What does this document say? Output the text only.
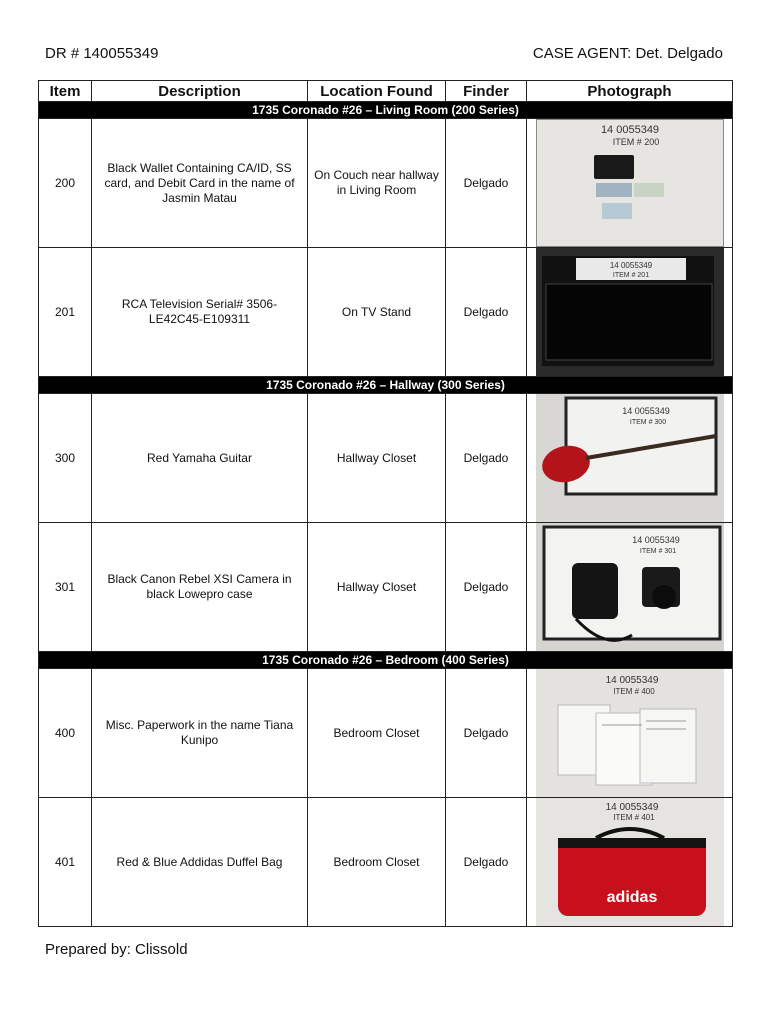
DR # 140055349	CASE AGENT: Det. Delgado
Item	Description	Location Found	Finder	Photograph
1735 Coronado #26 – Living Room (200 Series)				
200	Black Wallet Containing CA/ID, SS card, and Debit Card in the name of Jasmin Matau	On Couch near hallway in Living Room	Delgado	14 0055349
ITEM # 200

201	RCA Television Serial# 3506-LE42C45-E109311	On TV Stand	Delgado	14 0055349
ITEM # 201

1735 Coronado #26 – Hallway (300 Series)				
300	Red Yamaha Guitar	Hallway Closet	Delgado	14 0055349
ITEM # 300

301	Black Canon Rebel XSI Camera in black Lowepro case	Hallway Closet	Delgado	14 0055349
ITEM # 301

1735 Coronado #26 – Bedroom (400 Series)				
400	Misc. Paperwork in the name Tiana Kunipo	Bedroom Closet	Delgado	14 0055349
ITEM # 400

401	Red & Blue Addidas Duffel Bag	Bedroom Closet	Delgado	14 0055349
ITEM # 401
adidas
Prepared by: Clissold
